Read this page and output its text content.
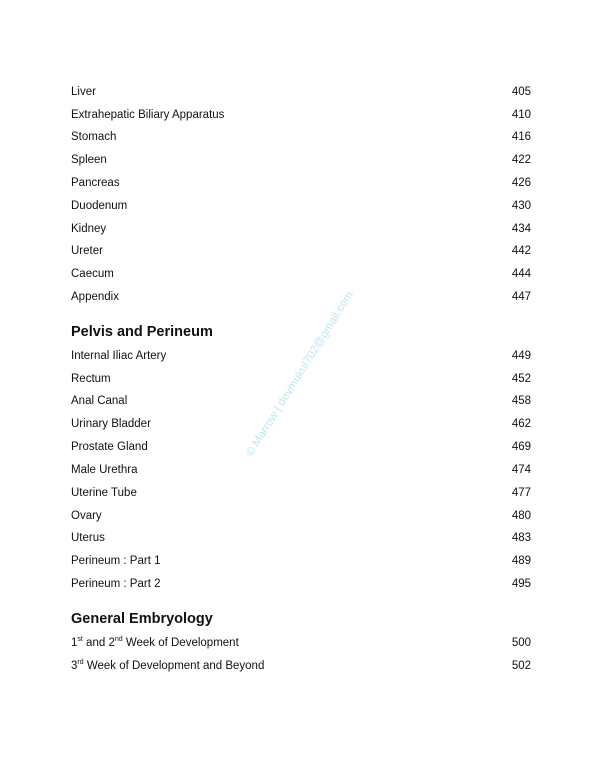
Liver	405
Extrahepatic Biliary Apparatus	410
Stomach	416
Spleen	422
Pancreas	426
Duodenum	430
Kidney	434
Ureter	442
Caecum	444
Appendix	447
Pelvis and Perineum
Internal Iliac Artery	449
Rectum	452
Anal Canal	458
Urinary Bladder	462
Prostate Gland	469
Male Urethra	474
Uterine Tube	477
Ovary	480
Uterus	483
Perineum : Part 1	489
Perineum : Part 2	495
General Embryology
1st and 2nd Week of Development	500
3rd Week of Development and Beyond	502
© Marrow | devmukul702@gmail.com
